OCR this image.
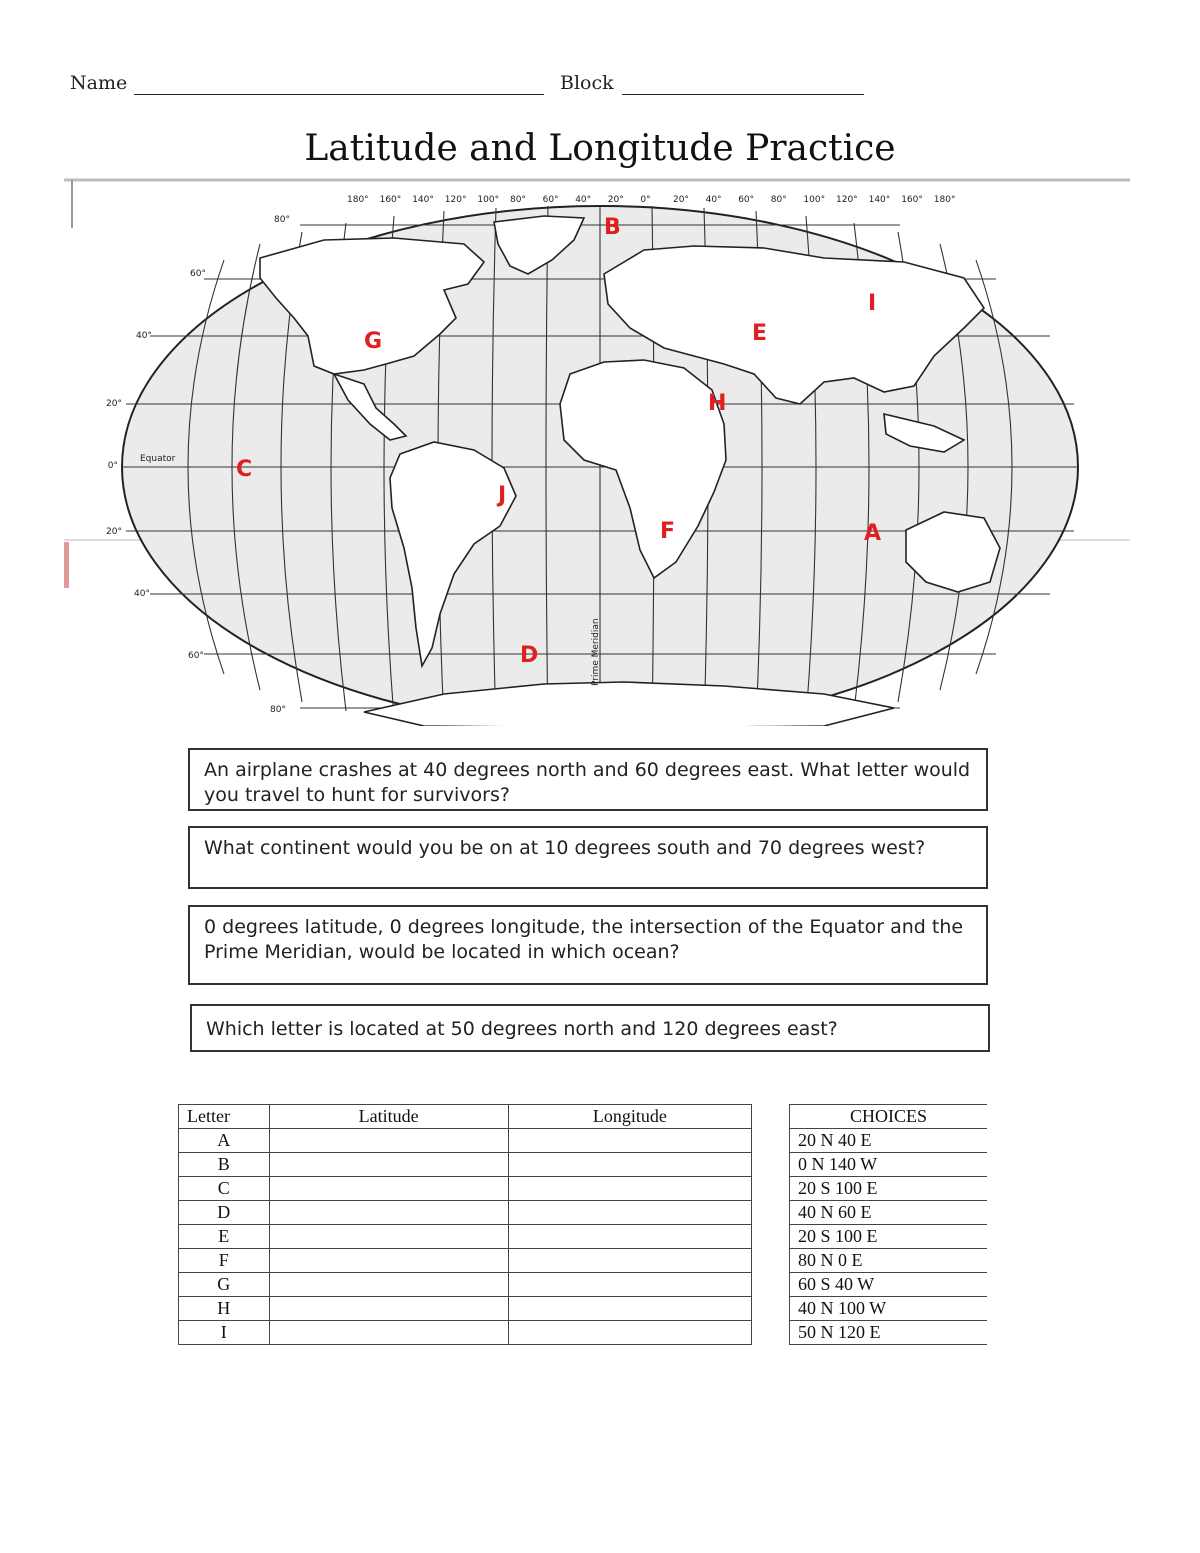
Name	Block
Latitude and Longitude Practice
180° 160° 140° 120° 100° 80° 60° 40° 20° 0° 20° 40° 60° 80° 100° 120° 140° 160° 180°
80°
60°
40°
20°
0°
20°
40°
60°
80°
Equator
Prime Meridian
A
B
C
D
E
F
G
H
I
J
An airplane crashes at 40 degrees north and 60 degrees east. What letter would you travel to hunt for survivors?
What continent would you be on at 10 degrees south and 70 degrees west?
0 degrees latitude, 0 degrees longitude, the intersection of the Equator and the Prime Meridian, would be located in which ocean?
Which letter is located at 50 degrees north and 120 degrees east?
Letter	Latitude	Longitude
A		
B		
C		
D		
E		
F		
G		
H		
I		
CHOICES
20 N 40 E
0 N 140 W
20 S 100 E
40 N 60 E
20 S 100 E
80 N 0 E
60 S 40 W
40 N 100 W
50 N 120 E
